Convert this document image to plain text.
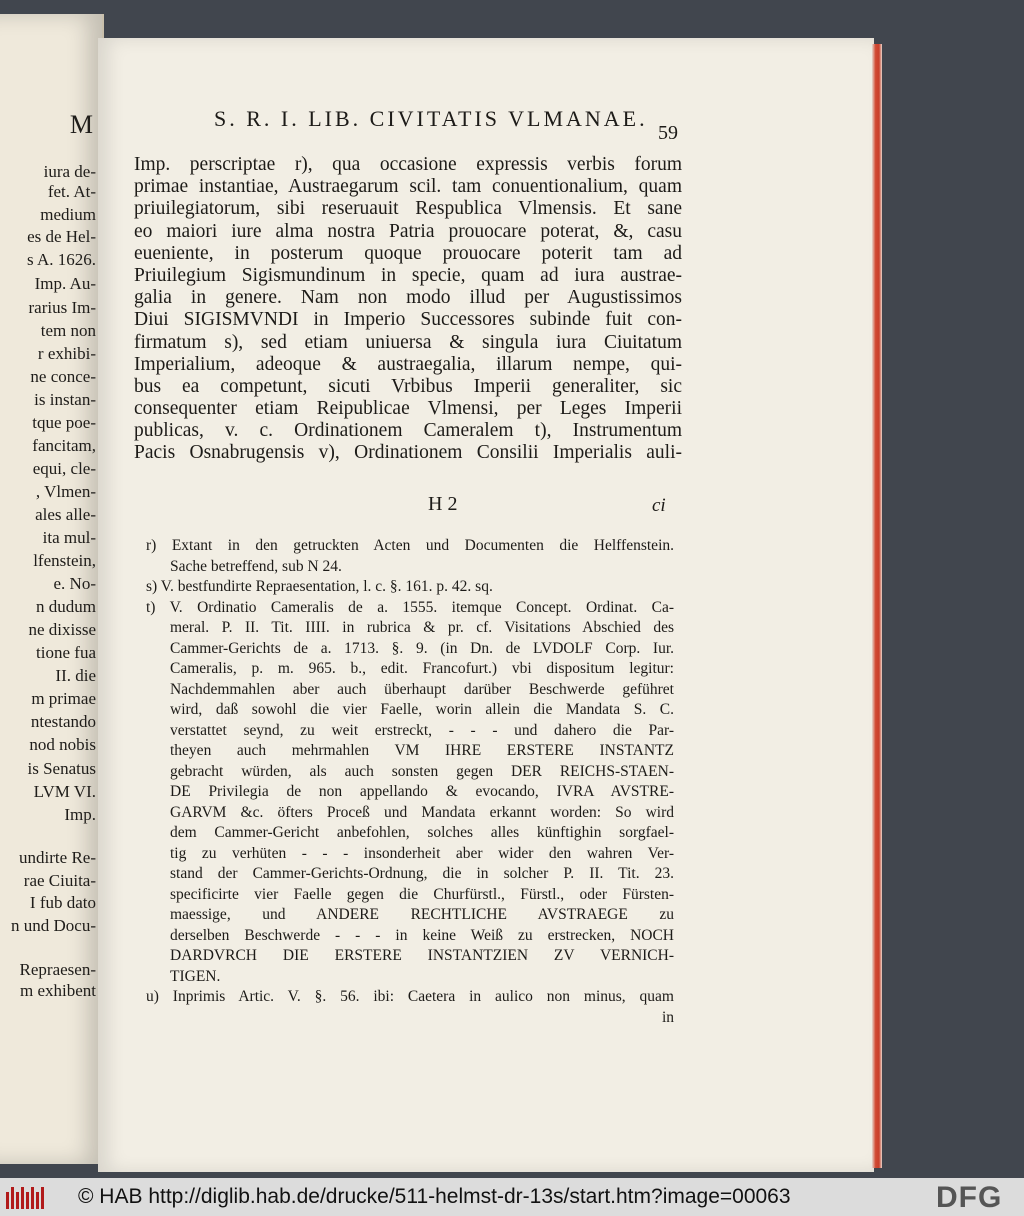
M
iura de-
fet. At-
medium
es de Hel-
s A. 1626.
Imp. Au-
rarius Im-
tem non
r exhibi-
ne conce-
is instan-
tque poe-
fancitam,
equi, cle-
, Vlmen-
ales alle-
ita mul-
lfenstein,
e. No-
n dudum
ne dixisse
tione fua
II. die
m primae
ntestando
nod nobis
is Senatus
LVM VI.
Imp.
undirte Re-
rae Ciuita-
I fub dato
n und Docu-
Repraesen-
m exhibent
S. R. I. LIB. CIVITATIS VLMANAE.
59
Imp. perscriptae r), qua occasione expressis verbis forum
primae instantiae, Austraegarum scil. tam conuentionalium, quam
priuilegiatorum, sibi reseruauit Respublica Vlmensis. Et sane
eo maiori iure alma nostra Patria prouocare poterat, &, casu
eueniente, in posterum quoque prouocare poterit tam ad
Priuilegium Sigismundinum in specie, quam ad iura austrae-
galia in genere. Nam non modo illud per Augustissimos
Diui SIGISMVNDI in Imperio Successores subinde fuit con-
firmatum s), sed etiam uniuersa & singula iura Ciuitatum
Imperialium, adeoque & austraegalia, illarum nempe, qui-
bus ea competunt, sicuti Vrbibus Imperii generaliter, sic
consequenter etiam Reipublicae Vlmensi, per Leges Imperii
publicas, v. c. Ordinationem Cameralem t), Instrumentum
Pacis Osnabrugensis v), Ordinationem Consilii Imperialis auli-
H 2	ci
r) Extant in den getruckten Acten und Documenten die Helffenstein.
Sache betreffend, sub N 24.
s) V. bestfundirte Repraesentation, l. c. §. 161. p. 42. sq.
t) V. Ordinatio Cameralis de a. 1555. itemque Concept. Ordinat. Ca-
meral. P. II. Tit. IIII. in rubrica & pr. cf. Visitations Abschied des
Cammer-Gerichts de a. 1713. §. 9. (in Dn. de LVDOLF Corp. Iur.
Cameralis, p. m. 965. b., edit. Francofurt.) vbi dispositum legitur:
Nachdemmahlen aber auch überhaupt darüber Beschwerde geführet
wird, daß sowohl die vier Faelle, worin allein die Mandata S. C.
verstattet seynd, zu weit erstreckt, - - - und dahero die Par-
theyen auch mehrmahlen VM IHRE ERSTERE INSTANTZ
gebracht würden, als auch sonsten gegen DER REICHS-STAEN-
DE Privilegia de non appellando & evocando, IVRA AVSTRE-
GARVM &c. öfters Proceß und Mandata erkannt worden: So wird
dem Cammer-Gericht anbefohlen, solches alles künftighin sorgfael-
tig zu verhüten - - - insonderheit aber wider den wahren Ver-
stand der Cammer-Gerichts-Ordnung, die in solcher P. II. Tit. 23.
specificirte vier Faelle gegen die Churfürstl., Fürstl., oder Fürsten-
maessige, und ANDERE RECHTLICHE AVSTRAEGE zu
derselben Beschwerde - - - in keine Weiß zu erstrecken, NOCH
DARDVRCH DIE ERSTERE INSTANTZIEN ZV VERNICH-
TIGEN.
u) Inprimis Artic. V. §. 56. ibi: Caetera in aulico non minus, quam
in
© HAB http://diglib.hab.de/drucke/511-helmst-dr-13s/start.htm?image=00063	DFG
